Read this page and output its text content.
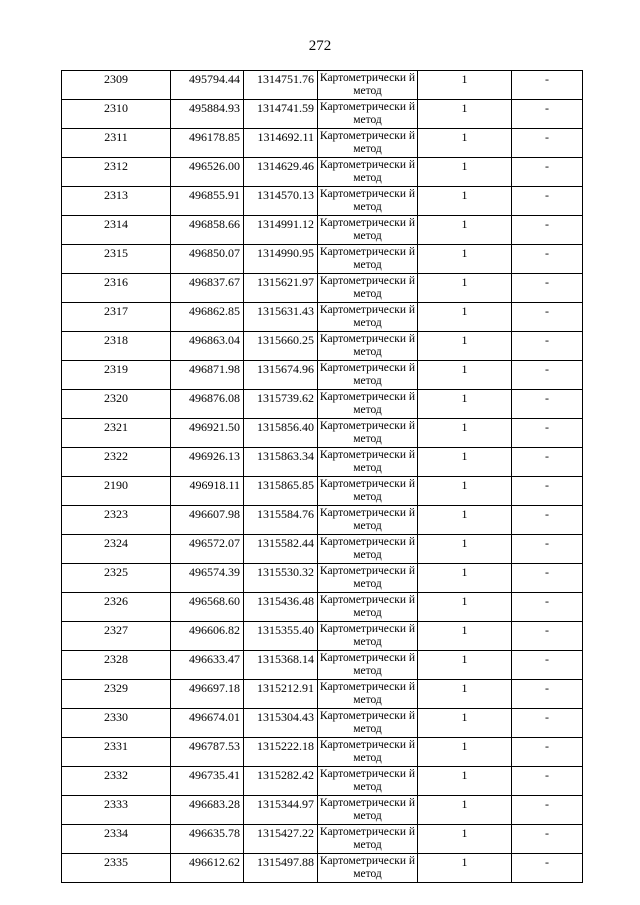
272
2309	495794.44	1314751.76	Картометрически й метод	1	-
2310	495884.93	1314741.59	Картометрически й метод	1	-
2311	496178.85	1314692.11	Картометрически й метод	1	-
2312	496526.00	1314629.46	Картометрически й метод	1	-
2313	496855.91	1314570.13	Картометрически й метод	1	-
2314	496858.66	1314991.12	Картометрически й метод	1	-
2315	496850.07	1314990.95	Картометрически й метод	1	-
2316	496837.67	1315621.97	Картометрически й метод	1	-
2317	496862.85	1315631.43	Картометрически й метод	1	-
2318	496863.04	1315660.25	Картометрически й метод	1	-
2319	496871.98	1315674.96	Картометрически й метод	1	-
2320	496876.08	1315739.62	Картометрически й метод	1	-
2321	496921.50	1315856.40	Картометрически й метод	1	-
2322	496926.13	1315863.34	Картометрически й метод	1	-
2190	496918.11	1315865.85	Картометрически й метод	1	-
2323	496607.98	1315584.76	Картометрически й метод	1	-
2324	496572.07	1315582.44	Картометрически й метод	1	-
2325	496574.39	1315530.32	Картометрически й метод	1	-
2326	496568.60	1315436.48	Картометрически й метод	1	-
2327	496606.82	1315355.40	Картометрически й метод	1	-
2328	496633.47	1315368.14	Картометрически й метод	1	-
2329	496697.18	1315212.91	Картометрически й метод	1	-
2330	496674.01	1315304.43	Картометрически й метод	1	-
2331	496787.53	1315222.18	Картометрически й метод	1	-
2332	496735.41	1315282.42	Картометрически й метод	1	-
2333	496683.28	1315344.97	Картометрически й метод	1	-
2334	496635.78	1315427.22	Картометрически й метод	1	-
2335	496612.62	1315497.88	Картометрически й метод	1	-
